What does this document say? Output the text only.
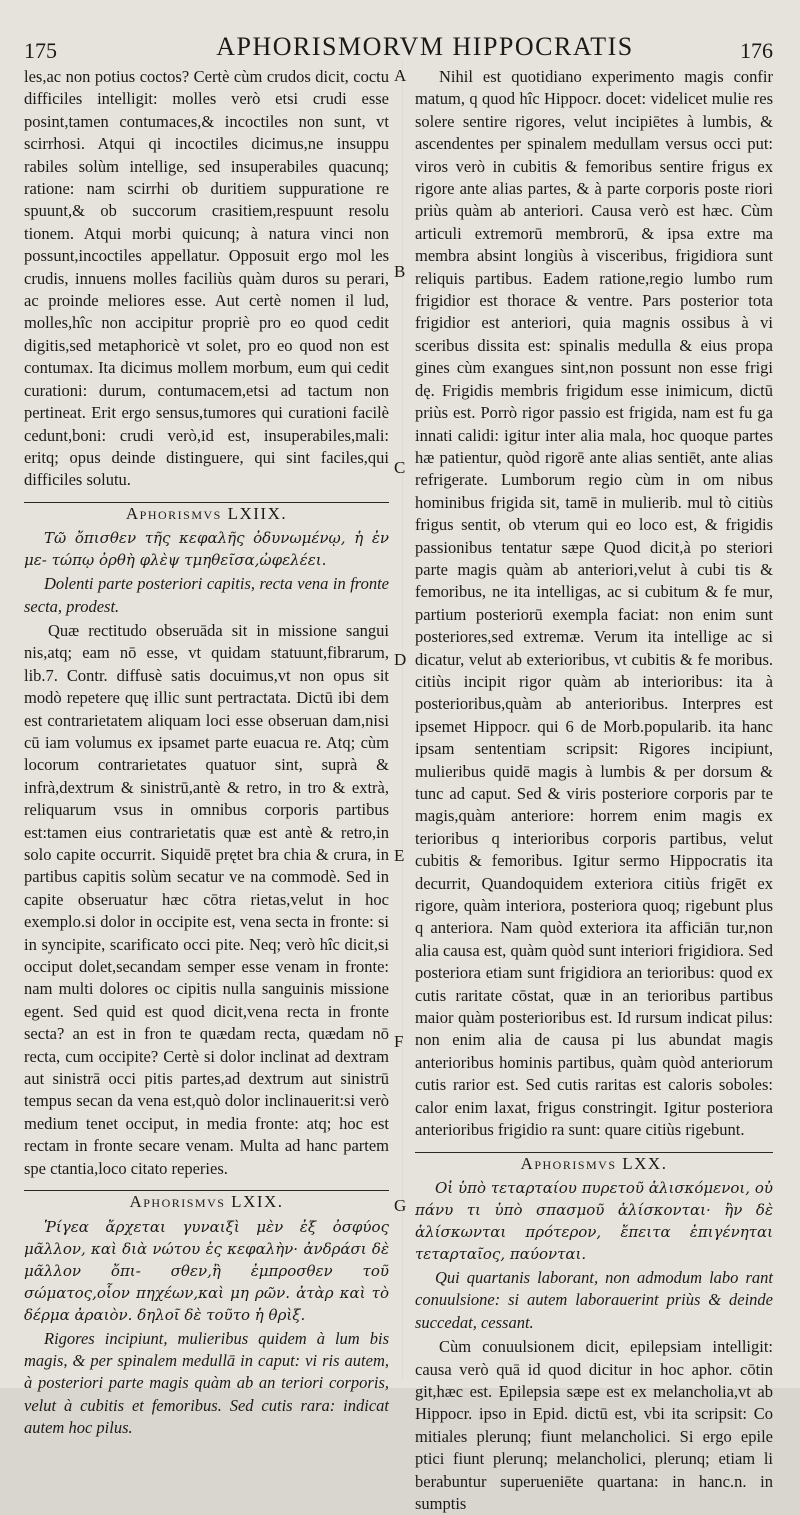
175	APHORISMORVM HIPPOCRATIS	176
A
B
C
D
E
F
G

les,ac non potius coctos? Certè cùm crudos dicit, coctu difficiles intelligit: molles verò etsi crudi esse posint,tamen contumaces,& incoctiles non sunt, vt scirrhosi. Atqui qi incoctiles dicimus,ne insuppu rabiles solùm intellige, sed insuperabiles quacunq; ratione: nam scirrhi ob duritiem suppuratione re spuunt,& ob succorum crasitiem,respuunt resolu tionem. Atqui morbi quicunq; à natura vinci non possunt,incoctiles appellatur. Opposuit ergo mol les crudis, innuens molles faciliùs quàm duros su perari, ac proinde meliores esse. Aut certè nomen il lud, molles,hîc non accipitur propriè pro eo quod cedit digitis,sed metaphoricè vt solet, pro eo quod non est contumax. Ita dicimus mollem morbum, eum qui cedit curationi: durum, contumacem,etsi ad tactum non pertineat. Erit ergo sensus,tumores qui curationi facilè cedunt,boni: crudi verò,id est, insuperabiles,mali: eritq; opus deinde distinguere, qui sint faciles,qui difficiles solutu.

Aphorismvs LXIIX.

Τῶ ὄπισθεν τῆς κεφαλῆς ὀδυνωμένῳ, ἡ ἐν με- τώπῳ ὀρθὴ φλὲψ τμηθεῖσα,ὠφελέει.

Dolenti parte posteriori capitis, recta vena in fronte secta, prodest.

Quæ rectitudo obseruāda sit in missione sangui nis,atq; eam nō esse, vt quidam statuunt,fibrarum, lib.7. Contr. diffusè satis docuimus,vt non opus sit modò repetere quę illic sunt pertractata. Dictū ibi dem est contrarietatem aliquam loci esse obseruan dam,nisi cū iam volumus ex ipsamet parte euacua re. Atq; cùm locorum contrarietates quatuor sint, suprà & infrà,dextrum & sinistrū,antè & retro, in tro & extrà, reliquarum vsus in omnibus corporis partibus est:tamen eius contrarietatis quæ est antè & retro,in solo capite occurrit. Siquidē prętet bra chia & crura, in partibus capitis solùm secatur ve na commodè. Sed in capite obseruatur hæc cōtra rietas,velut in hoc exemplo.si dolor in occipite est, vena secta in fronte: si in syncipite, scarificato occi pite. Neq; verò hîc dicit,si occiput dolet,secandam semper esse venam in fronte: nam multi dolores oc cipitis nulla sanguinis missione egent. Sed quid est quod dicit,vena recta in fronte secta? an est in fron te quædam recta, quædam nō recta, cum occipite? Certè si dolor inclinat ad dextram aut sinistrā occi pitis partes,ad dextrum aut sinistrū tempus secan da vena est,quò dolor inclinauerit:si verò medium tenet occiput, in media fronte: atq; hoc est rectam in fronte secare venam. Multa ad hanc partem spe ctantia,loco citato reperies.

Aphorismvs LXIX.

Ῥίγεα ἄρχεται γυναιξὶ μὲν ἐξ ὀσφύος μᾶλλον, καὶ διὰ νώτου ἐς κεφαλὴν· ἀνδράσι δὲ μᾶλλον ὄπι- σθεν,ἢ ἐμπροσθεν τοῦ σώματος,οἷον πηχέων,καὶ μη ρῶν. ἀτὰρ καὶ τὸ δέρμα ἀραιὸν. δηλοῖ δὲ τοῦτο ἡ θρὶξ.

Rigores incipiunt, mulieribus quidem à lum bis magis, & per spinalem medullā in caput: vi ris autem, à posteriori parte magis quàm ab an teriori corporis, velut à cubitis et femoribus. Sed cutis rara: indicat autem hoc pilus.

Nihil est quotidiano experimento magis confir matum, q quod hîc Hippocr. docet: videlicet mulie res solere sentire rigores, velut incipiētes à lumbis, & ascendentes per spinalem medullam versus occi put: viros verò in cubitis & femoribus sentire frigus ex rigore ante alias partes, & à parte corporis poste riori priùs quàm ab anteriori. Causa verò est hæc. Cùm articuli extremorū membrorū, & ipsa extre ma membra absint longiùs à visceribus, frigidiora sunt reliquis partibus. Eadem ratione,regio lumbo rum frigidior est thorace & ventre. Pars posterior tota frigidior est anteriori, quia magnis ossibus à vi sceribus dissita est: spinalis medulla & eius propa gines cùm exangues sint,non possunt non esse frigi dę. Frigidis membris frigidum esse inimicum, dictū priùs est. Porrò rigor passio est frigida, nam est fu ga innati calidi: igitur inter alia mala, hoc quoque partes hæ patientur, quòd rigorē ante alias sentiēt, ante alias refrigerate. Lumborum regio cùm in om nibus hominibus frigida sit, tamē in mulierib. mul tò citiùs frigus sentit, ob vterum qui eo loco est, & frigidis passionibus tentatur sæpe Quod dicit,à po steriori parte magis quàm ab anteriori,velut à cubi tis & femoribus, ne ita intelligas, ac si cubitum & fe mur, partium posteriorū exempla faciat: non enim sunt posteriores,sed extremæ. Verum ita intellige ac si dicatur, velut ab exterioribus, vt cubitis & fe moribus. citiùs incipit rigor quàm ab interioribus: ita à posterioribus,quàm ab anterioribus. Interpres est ipsemet Hippocr. qui 6 de Morb.popularib. ita hanc ipsam sententiam scripsit: Rigores incipiunt, mulieribus quidē magis à lumbis & per dorsum & tunc ad caput. Sed & viris posteriore corporis par te magis,quàm anteriore: horrem enim magis ex terioribus q interioribus corporis partibus, velut cubitis & femoribus. Igitur sermo Hippocratis ita decurrit, Quandoquidem exteriora citiùs frigēt ex rigore, quàm interiora, posteriora quoq; rigebunt plus q anteriora. Nam quòd exteriora ita afficiān tur,non alia causa est, quàm quòd sunt interiori frigidiora. Sed posteriora etiam sunt frigidiora an terioribus: quod ex cutis raritate cōstat, quæ in an terioribus partibus maior quàm posterioribus est. Id rursum indicat pilus: non enim alia de causa pi lus abundat magis anterioribus hominis partibus, quàm quòd anteriorum cutis rarior est. Sed cutis raritas est caloris soboles: calor enim laxat, frigus constringit. Igitur posteriora anterioribus frigidio ra sunt: quare citiùs rigebunt.

Aphorismvs LXX.

Οἱ ὑπὸ τεταρταίου πυρετοῦ ἁλισκόμενοι, οὐ πάνυ τι ὑπὸ σπασμοῦ ἁλίσκονται· ἢν δὲ ἁλίσκωνται πρότερον, ἔπειτα ἐπιγένηται τεταρταῖος, παύονται.

Qui quartanis laborant, non admodum labo rant conuulsione: si autem laborauerint priùs & deinde succedat, cessant.

Cùm conuulsionem dicit, epilepsiam intelligit: causa verò quā id quod dicitur in hoc aphor. cōtin git,hæc est. Epilepsia sæpe est ex melancholia,vt ab Hippocr. ipso in Epid. dictū est, vbi ita scripsit: Co mitiales plerunq; fiunt melancholici. Si ergo epile ptici fiunt plerunq; melancholici, plerunq; etiam li berabuntur superueniēte quartana: in hanc.n. in sumptis
